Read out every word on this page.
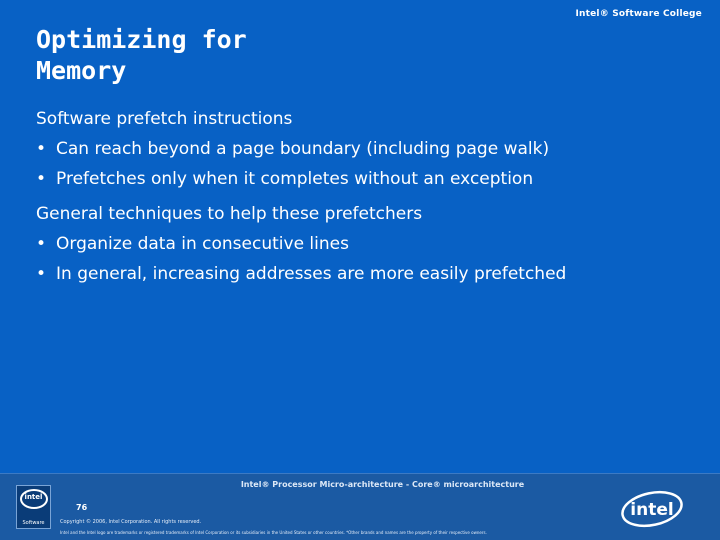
Intel® Software College
Optimizing for
Memory
Software prefetch instructions
• Can reach beyond a page boundary (including page walk)
• Prefetches only when it completes without an exception
General techniques to help these prefetchers
• Organize data in consecutive lines
• In general, increasing addresses are more easily prefetched
Intel® Processor Micro-architecture - Core® microarchitecture
intel
Software
76
Copyright © 2006, Intel Corporation. All rights reserved.
Intel and the Intel logo are trademarks or registered trademarks of Intel Corporation or its subsidiaries in the United States or other countries. *Other brands and names are the property of their respective owners.
intel
